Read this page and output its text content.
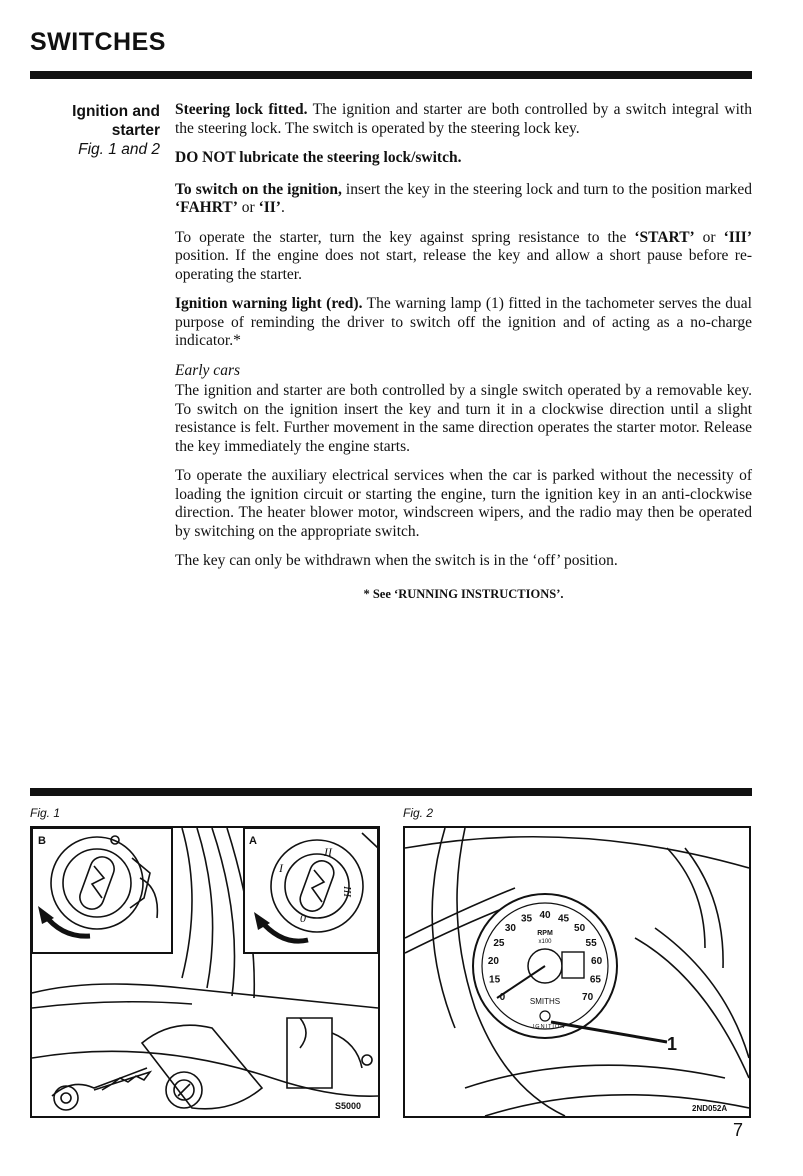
SWITCHES
Ignition and
starter
Fig. 1 and 2

Steering lock fitted. The ignition and starter are both controlled by a switch integral with the steering lock. The switch is operated by the steering lock key.

DO NOT lubricate the steering lock/switch.

To switch on the ignition, insert the key in the steering lock and turn to the position marked ‘FAHRT’ or ‘II’.

To operate the starter, turn the key against spring resistance to the ‘START’ or ‘III’ position. If the engine does not start, release the key and allow a short pause before re-operating the starter.

Ignition warning light (red). The warning lamp (1) fitted in the tachometer serves the dual purpose of reminding the driver to switch off the ignition and of acting as a no-charge indicator.*

Early cars

The ignition and starter are both controlled by a single switch operated by a removable key. To switch on the ignition insert the key and turn it in a clockwise direction until a slight resistance is felt. Further movement in the same direction operates the starter motor. Release the key immediately the engine starts.

To operate the auxiliary electrical services when the car is parked without the necessity of loading the ignition circuit or starting the engine, turn the ignition key in an anti-clockwise direction. The heater blower motor, windscreen wipers, and the radio may then be operated by switching on the appropriate switch.

The key can only be withdrawn when the switch is in the ‘off’ position.

* See ‘RUNNING INSTRUCTIONS’.

Fig. 1
B	A
II
I
III
0
S5000
Fig. 2
RPM
x100
SMITHS
IGNITION
0
15
20
25
30
35 40 45
50
55
60
65
70
1
2ND052A
7
